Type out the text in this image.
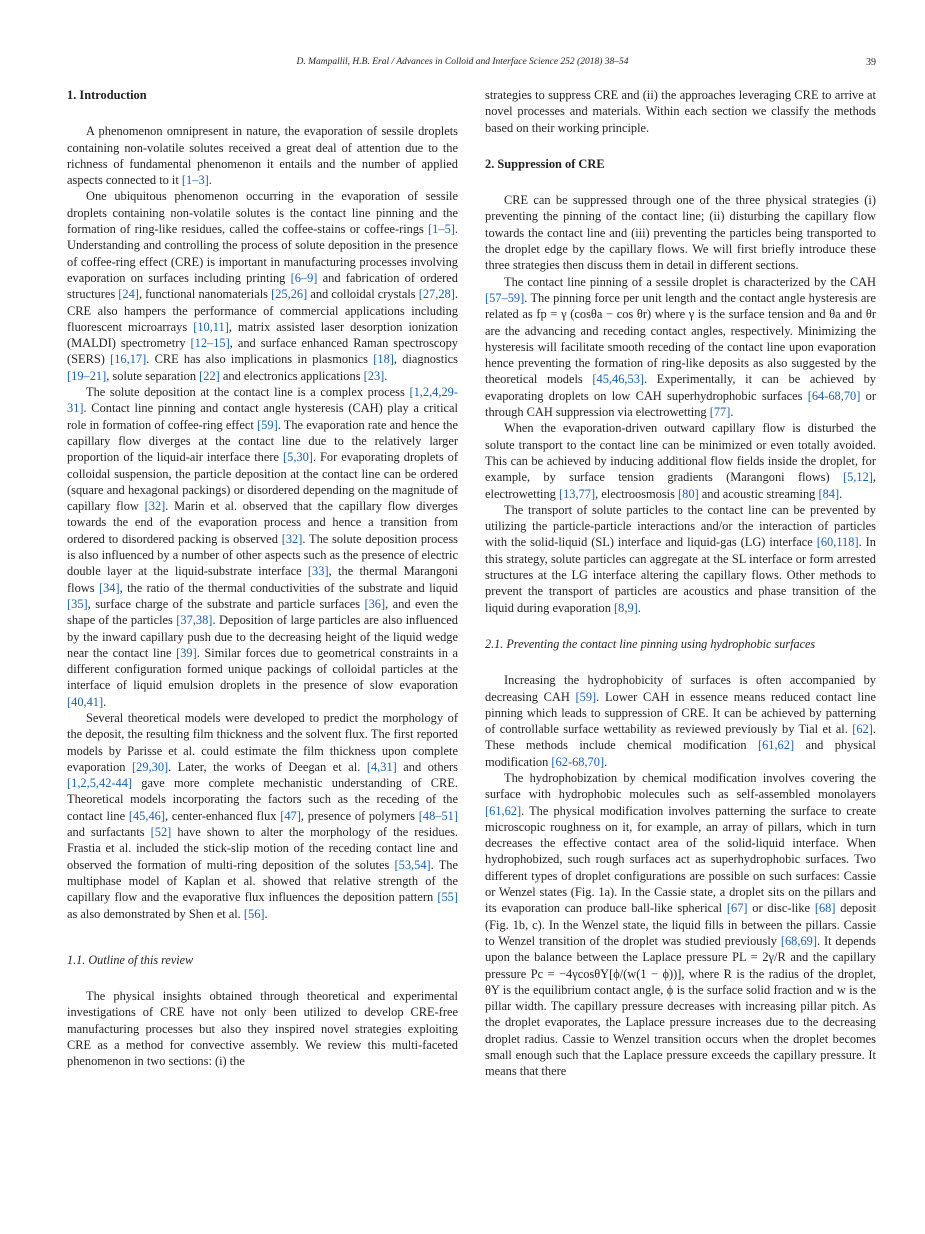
D. Mampallil, H.B. Eral / Advances in Colloid and Interface Science 252 (2018) 38–54	39
1. Introduction

A phenomenon omnipresent in nature, the evaporation of sessile droplets containing non-volatile solutes received a great deal of attention due to the richness of fundamental phenomenon it entails and the number of applied aspects connected to it [1–3].

One ubiquitous phenomenon occurring in the evaporation of sessile droplets containing non-volatile solutes is the contact line pinning and the formation of ring-like residues, called the coffee-stains or coffee-rings [1–5]. Understanding and controlling the process of solute deposition in the presence of coffee-ring effect (CRE) is important in manufacturing processes involving evaporation on surfaces including printing [6–9] and fabrication of ordered structures [24], functional nanomaterials [25,26] and colloidal crystals [27,28]. CRE also hampers the performance of commercial applications including fluorescent microarrays [10,11], matrix assisted laser desorption ionization (MALDI) spectrometry [12–15], and surface enhanced Raman spectroscopy (SERS) [16,17]. CRE has also implications in plasmonics [18], diagnostics [19–21], solute separation [22] and electronics applications [23].

The solute deposition at the contact line is a complex process [1,2,4,29-31]. Contact line pinning and contact angle hysteresis (CAH) play a critical role in formation of coffee-ring effect [59]. The evaporation rate and hence the capillary flow diverges at the contact line due to the relatively larger proportion of the liquid-air interface there [5,30]. For evaporating droplets of colloidal suspension, the particle deposition at the contact line can be ordered (square and hexagonal packings) or disordered depending on the magnitude of capillary flow [32]. Marin et al. observed that the capillary flow diverges towards the end of the evaporation process and hence a transition from ordered to disordered packing is observed [32]. The solute deposition process is also influenced by a number of other aspects such as the presence of electric double layer at the liquid-substrate interface [33], the thermal Marangoni flows [34], the ratio of the thermal conductivities of the substrate and liquid [35], surface charge of the substrate and particle surfaces [36], and even the shape of the particles [37,38]. Deposition of large particles are also influenced by the inward capillary push due to the decreasing height of the liquid wedge near the contact line [39]. Similar forces due to geometrical constraints in a different configuration formed unique packings of colloidal particles at the interface of liquid emulsion droplets in the presence of slow evaporation [40,41].

Several theoretical models were developed to predict the morphology of the deposit, the resulting film thickness and the solvent flux. The first reported models by Parisse et al. could estimate the film thickness upon complete evaporation [29,30]. Later, the works of Deegan et al. [4,31] and others [1,2,5,42-44] gave more complete mechanistic understanding of CRE. Theoretical models incorporating the factors such as the receding of the contact line [45,46], center-enhanced flux [47], presence of polymers [48–51] and surfactants [52] have shown to alter the morphology of the residues. Frastia et al. included the stick-slip motion of the receding contact line and observed the formation of multi-ring deposition of the solutes [53,54]. The multiphase model of Kaplan et al. showed that relative strength of the capillary flow and the evaporative flux influences the deposition pattern [55] as also demonstrated by Shen et al. [56].

1.1. Outline of this review

The physical insights obtained through theoretical and experimental investigations of CRE have not only been utilized to develop CRE-free manufacturing processes but also they inspired novel strategies exploiting CRE as a method for convective assembly. We review this multi-faceted phenomenon in two sections: (i) the

strategies to suppress CRE and (ii) the approaches leveraging CRE to arrive at novel processes and materials. Within each section we classify the methods based on their working principle.

2. Suppression of CRE

CRE can be suppressed through one of the three physical strategies (i) preventing the pinning of the contact line; (ii) disturbing the capillary flow towards the contact line and (iii) preventing the particles being transported to the droplet edge by the capillary flows. We will first briefly introduce these three strategies then discuss them in detail in different sections.

The contact line pinning of a sessile droplet is characterized by the CAH [57–59]. The pinning force per unit length and the contact angle hysteresis are related as fp = γ (cosθa − cos θr) where γ is the surface tension and θa and θr are the advancing and receding contact angles, respectively. Minimizing the hysteresis will facilitate smooth receding of the contact line upon evaporation hence preventing the formation of ring-like deposits as also suggested by the theoretical models [45,46,53]. Experimentally, it can be achieved by evaporating droplets on low CAH superhydrophobic surfaces [64-68,70] or through CAH suppression via electrowetting [77].

When the evaporation-driven outward capillary flow is disturbed the solute transport to the contact line can be minimized or even totally avoided. This can be achieved by inducing additional flow fields inside the droplet, for example, by surface tension gradients (Marangoni flows) [5,12], electrowetting [13,77], electroosmosis [80] and acoustic streaming [84].

The transport of solute particles to the contact line can be prevented by utilizing the particle-particle interactions and/or the interaction of particles with the solid-liquid (SL) interface and liquid-gas (LG) interface [60,118]. In this strategy, solute particles can aggregate at the SL interface or form arrested structures at the LG interface altering the capillary flows. Other methods to prevent the transport of particles are acoustics and phase transition of the liquid during evaporation [8,9].

2.1. Preventing the contact line pinning using hydrophobic surfaces

Increasing the hydrophobicity of surfaces is often accompanied by decreasing CAH [59]. Lower CAH in essence means reduced contact line pinning which leads to suppression of CRE. It can be achieved by patterning of controllable surface wettability as reviewed previously by Tial et al. [62]. These methods include chemical modification [61,62] and physical modification [62-68,70].

The hydrophobization by chemical modification involves covering the surface with hydrophobic molecules such as self-assembled monolayers [61,62]. The physical modification involves patterning the surface to create microscopic roughness on it, for example, an array of pillars, which in turn decreases the effective contact area of the solid-liquid interface. When hydrophobized, such rough surfaces act as superhydrophobic surfaces. Two different types of droplet configurations are possible on such surfaces: Cassie or Wenzel states (Fig. 1a). In the Cassie state, a droplet sits on the pillars and its evaporation can produce ball-like spherical [67] or disc-like [68] deposit (Fig. 1b, c). In the Wenzel state, the liquid fills in between the pillars. Cassie to Wenzel transition of the droplet was studied previously [68,69]. It depends upon the balance between the Laplace pressure PL = 2γ/R and the capillary pressure Pc = −4γcosθY[ϕ/(w(1 − ϕ))], where R is the radius of the droplet, θY is the equilibrium contact angle, ϕ is the surface solid fraction and w is the pillar width. The capillary pressure decreases with increasing pillar pitch. As the droplet evaporates, the Laplace pressure increases due to the decreasing droplet radius. Cassie to Wenzel transition occurs when the droplet becomes small enough such that the Laplace pressure exceeds the capillary pressure. It means that there
